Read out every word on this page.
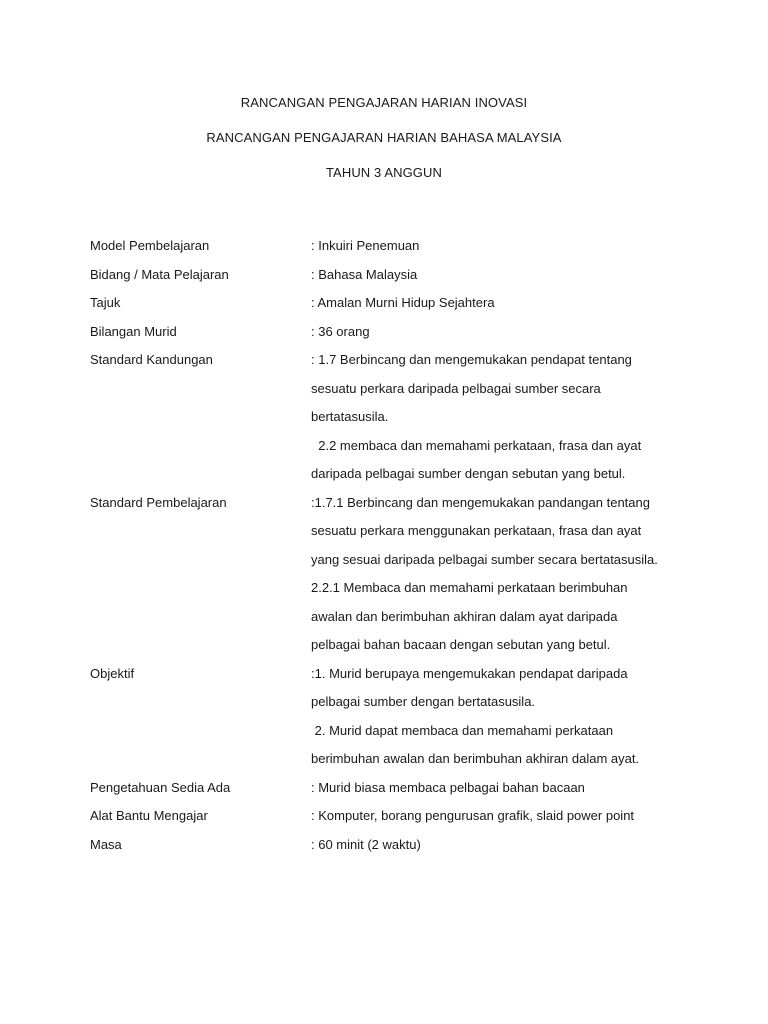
RANCANGAN PENGAJARAN HARIAN INOVASI
RANCANGAN PENGAJARAN HARIAN BAHASA MALAYSIA
TAHUN 3 ANGGUN
Model Pembelajaran	: Inkuiri Penemuan
Bidang / Mata Pelajaran	: Bahasa Malaysia
Tajuk	: Amalan Murni Hidup Sejahtera
Bilangan Murid	: 36 orang
Standard Kandungan	: 1.7 Berbincang dan mengemukakan pendapat tentang
sesuatu perkara daripada pelbagai sumber secara
bertatasusila.
2.2 membaca dan memahami perkataan, frasa dan ayat
daripada pelbagai sumber dengan sebutan yang betul.
Standard Pembelajaran	:1.7.1 Berbincang dan mengemukakan pandangan tentang
sesuatu perkara menggunakan perkataan, frasa dan ayat
yang sesuai daripada pelbagai sumber secara bertatasusila.
2.2.1 Membaca dan memahami perkataan berimbuhan
awalan dan berimbuhan akhiran dalam ayat daripada
pelbagai bahan bacaan dengan sebutan yang betul.
Objektif	:1. Murid berupaya mengemukakan pendapat daripada
pelbagai sumber dengan bertatasusila.
2. Murid dapat membaca dan memahami perkataan
berimbuhan awalan dan berimbuhan akhiran dalam ayat.
Pengetahuan Sedia Ada	: Murid biasa membaca pelbagai bahan bacaan
Alat Bantu Mengajar	: Komputer, borang pengurusan grafik, slaid power point
Masa	: 60 minit (2 waktu)
